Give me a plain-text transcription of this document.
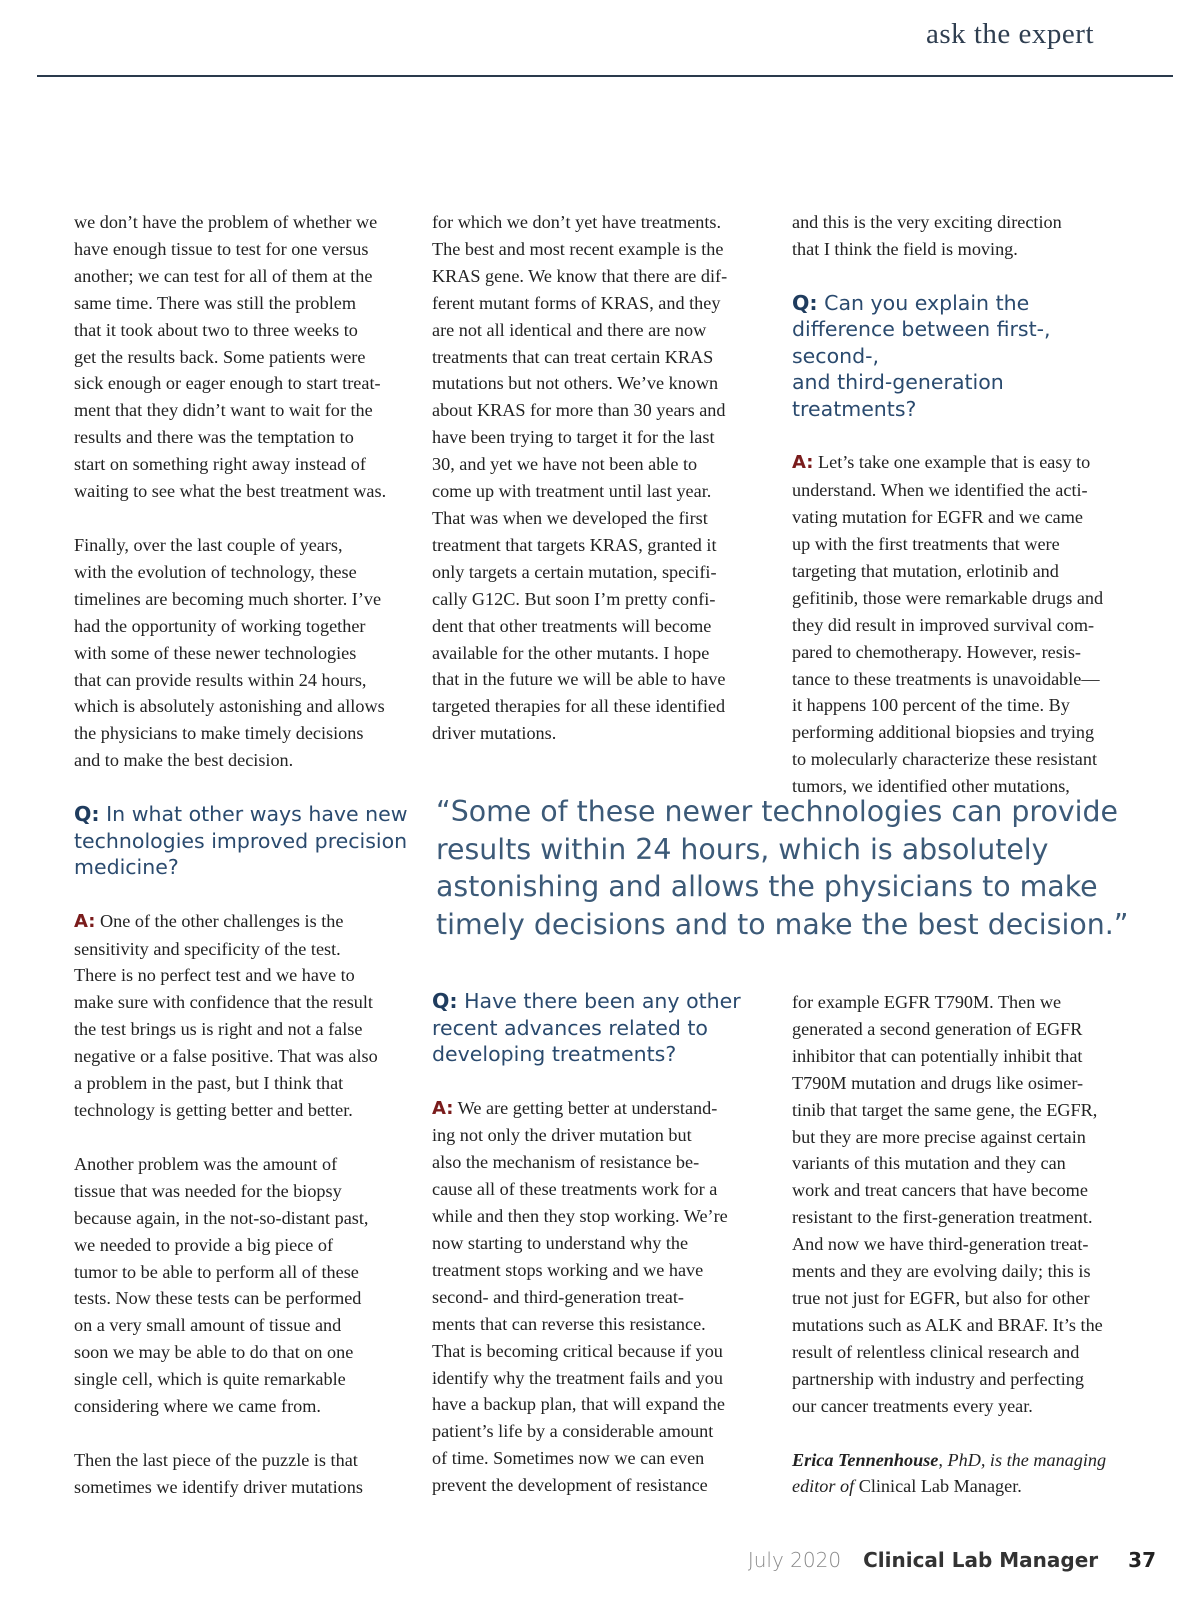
ask the expert

we don’t have the problem of whether we
have enough tissue to test for one versus
another; we can test for all of them at the
same time. There was still the problem
that it took about two to three weeks to
get the results back. Some patients were
sick enough or eager enough to start treat-
ment that they didn’t want to wait for the
results and there was the temptation to
start on something right away instead of
waiting to see what the best treatment was.

Finally, over the last couple of years,
with the evolution of technology, these
timelines are becoming much shorter. I’ve
had the opportunity of working together
with some of these newer technologies
that can provide results within 24 hours,
which is absolutely astonishing and allows
the physicians to make timely decisions
and to make the best decision.

Q: In what other ways have new
technologies improved precision
medicine?

A: One of the other challenges is the
sensitivity and specificity of the test.
There is no perfect test and we have to
make sure with confidence that the result
the test brings us is right and not a false
negative or a false positive. That was also
a problem in the past, but I think that
technology is getting better and better.

Another problem was the amount of
tissue that was needed for the biopsy
because again, in the not-so-distant past,
we needed to provide a big piece of
tumor to be able to perform all of these
tests. Now these tests can be performed
on a very small amount of tissue and
soon we may be able to do that on one
single cell, which is quite remarkable
considering where we came from.

Then the last piece of the puzzle is that
sometimes we identify driver mutations

for which we don’t yet have treatments.
The best and most recent example is the
KRAS gene. We know that there are dif-
ferent mutant forms of KRAS, and they
are not all identical and there are now
treatments that can treat certain KRAS
mutations but not others. We’ve known
about KRAS for more than 30 years and
have been trying to target it for the last
30, and yet we have not been able to
come up with treatment until last year.
That was when we developed the first
treatment that targets KRAS, granted it
only targets a certain mutation, specifi-
cally G12C. But soon I’m pretty confi-
dent that other treatments will become
available for the other mutants. I hope
that in the future we will be able to have
targeted therapies for all these identified
driver mutations.

and this is the very exciting direction
that I think the field is moving.

Q: Can you explain the
difference between first-, second-,
and third-generation treatments?

A: Let’s take one example that is easy to
understand. When we identified the acti-
vating mutation for EGFR and we came
up with the first treatments that were
targeting that mutation, erlotinib and
gefitinib, those were remarkable drugs and
they did result in improved survival com-
pared to chemotherapy. However, resis-
tance to these treatments is unavoidable—
it happens 100 percent of the time. By
performing additional biopsies and trying
to molecularly characterize these resistant
tumors, we identified other mutations,

“Some of these newer technologies can provide
results within 24 hours, which is absolutely
astonishing and allows the physicians to make
timely decisions and to make the best decision.”

Q: Have there been any other
recent advances related to
developing treatments?

A: We are getting better at understand-
ing not only the driver mutation but
also the mechanism of resistance be-
cause all of these treatments work for a
while and then they stop working. We’re
now starting to understand why the
treatment stops working and we have
second- and third-generation treat-
ments that can reverse this resistance.
That is becoming critical because if you
identify why the treatment fails and you
have a backup plan, that will expand the
patient’s life by a considerable amount
of time. Sometimes now we can even
prevent the development of resistance

for example EGFR T790M. Then we
generated a second generation of EGFR
inhibitor that can potentially inhibit that
T790M mutation and drugs like osimer-
tinib that target the same gene, the EGFR,
but they are more precise against certain
variants of this mutation and they can
work and treat cancers that have become
resistant to the first-generation treatment.
And now we have third-generation treat-
ments and they are evolving daily; this is
true not just for EGFR, but also for other
mutations such as ALK and BRAF. It’s the
result of relentless clinical research and
partnership with industry and perfecting
our cancer treatments every year.

Erica Tennenhouse, PhD, is the managing
editor of Clinical Lab Manager.

July 2020 Clinical Lab Manager 37
